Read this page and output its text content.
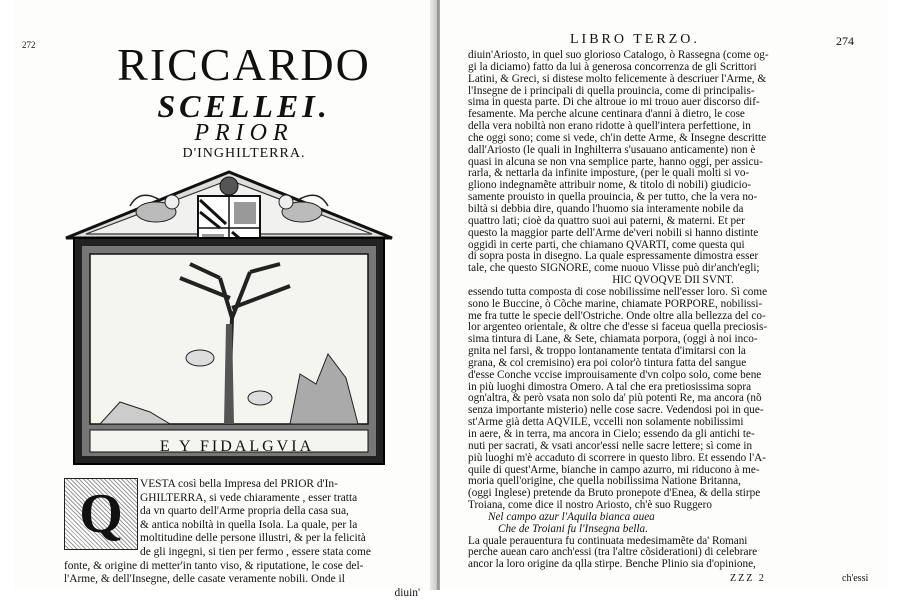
272	RICCARDO
SCELLEI.
PRIOR
D'INGHILTERRA.
E Y FIDALGVIA
Q	VESTA così bella Impresa del PRIOR d'In-
GHILTERRA, si vede chiaramente , esser tratta
da vn quarto dell'Arme propria della casa sua,
& antica nobiltà in quella Isola. La quale, per la
moltitudine delle persone illustri, & per la felicità
de gli ingegni, si tien per fermo , essere stata come
fonte, & origine di metter'in tanto viso, & riputatione, le cose del-
l'Arme, & dell'Insegne, delle casate veramente nobili. Onde il
diuin'
LIBRO TERZO.	274
diuin'Ariosto, in quel suo glorioso Catalogo, ò Rassegna (come og-
gi la diciamo) fatto da lui à generosa concorrenza de gli Scrittori
Latini, & Greci, si distese molto felicemente à descriuer l'Arme, &
l'Insegne de i principali di quella prouincia, come di principalis-
sima in questa parte. Di che altroue io mi trouo auer discorso dif-
fesamente. Ma perche alcune centinara d'anni à dietro, le cose
della vera nobiltà non erano ridotte à quell'intera perfettione, in
che oggi sono; come si vede, ch'in dette Arme, & Insegne descritte
dall'Ariosto (le quali in Inghilterra s'usauano anticamente) non è
quasi in alcuna se non vna semplice parte, hanno oggi, per assicu-
rarla, & nettarla da infinite imposture, (per le quali molti si vo-
gliono indegnamẽte attribuir nome, & titolo di nobili) giudicio-
samente prouisto in quella prouincia, & per tutto, che la vera no-
biltà si debbia dire, quando l'huomo sia interamente nobile da
quattro lati; cioè da quattro suoi aui paterni, & materni. Et per
questo la maggior parte dell'Arme de'veri nobili si hanno distinte
oggidì in certe parti, che chiamano QVARTI, come questa qui
di sopra posta in disegno. La quale espressamente dimostra esser
tale, che questo SIGNORE, come nuouo Vlisse può dir'anch'egli;
HIC QVOQVE DII SVNT.
essendo tutta composta di cose nobilissime nell'esser loro. Sì come
sono le Buccine, ò Cõche marine, chiamate PORPORE, nobilissi-
me fra tutte le specie dell'Ostriche. Onde oltre alla bellezza del co-
lor argenteo orientale, & oltre che d'esse si faceua quella preciosis-
sima tintura di Lane, & Sete, chiamata porpora, (oggi à noi inco-
gnita nel farsi, & troppo lontanamente tentata d'imitarsi con la
grana, & col cremisino) era poi color'ò tintura fatta del sangue
d'esse Conche vccise improuisamente d'vn colpo solo, come bene
in più luoghi dimostra Omero. A tal che era pretiosissima sopra
ogn'altra, & però vsata non solo da' più potenti Re, ma ancora (nõ
senza importante misterio) nelle cose sacre. Vedendosi poi in que-
st'Arme già detta AQVILE, vccelli non solamente nobilissimi
in aere, & in terra, ma ancora in Cielo; essendo da gli antichi te-
nuti per sacrati, & vsati ancor'essi nelle sacre lettere; sì come in
più luoghi m'è accaduto di scorrere in questo libro. Et essendo l'A-
quile di quest'Arme, bianche in campo azurro, mi riducono à me-
moria quell'origine, che quella nobilissima Natione Britanna,
(oggi Inglese) pretende da Bruto pronepote d'Enea, & della stirpe
Troiana, come dice il nostro Ariosto, ch'è suo Ruggero
Nel campo azur l'Aquila bianca aueа
Che de Troiani fu l'Insegna bella.
La quale perauentura fu continuata medesimamẽte da' Romani
perche auean caro anch'essi (tra l'altre cõsiderationi) di celebrare
ancor la loro origine da qlla stirpe. Benche Plinio sia d'opinione,
ZZZ 2	ch'essi
